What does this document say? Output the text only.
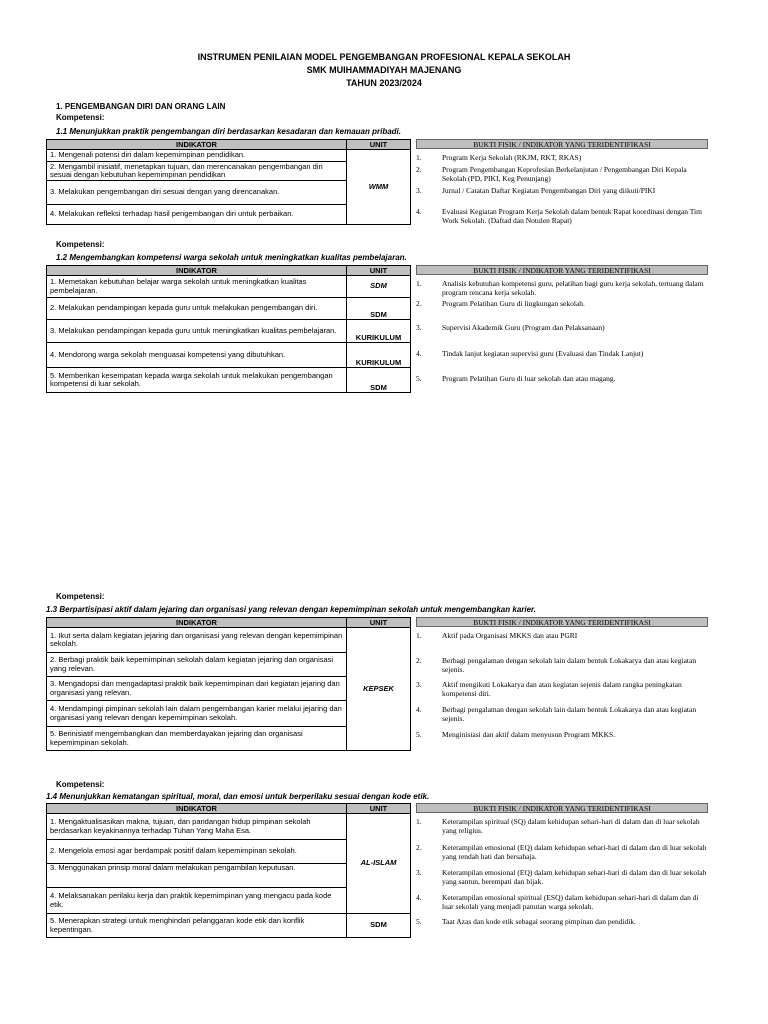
INSTRUMEN PENILAIAN MODEL PENGEMBANGAN PROFESIONAL KEPALA SEKOLAH
SMK MUIHAMMADIYAH MAJENANG
TAHUN 2023/2024
1. PENGEMBANGAN DIRI DAN ORANG LAIN
Kompetensi:
1.1 Menunjukkan praktik pengembangan diri berdasarkan kesadaran dan kemauan pribadi.
INDIKATOR	UNIT
1. Mengenali potensi diri dalam kepemimpinan pendidikan.	WMM
2. Mengambil inisiatif, menetapkan tujuan, dan merencanakan pengembangan diri sesuai dengan kebutuhan kepemimpinan pendidikan	
3. Melakukan pengembangan diri sesuai dengan yang direncanakan.	
4. Melakukan refleksi terhadap hasil pengembangan diri untuk perbaikan.	
BUKTI FISIK / INDIKATOR YANG TERIDENTIFIKASI
1.	Program Kerja Sekolah (RKJM, RKT, RKAS)
2.	Program Pengembangan Keprofesian Berkelanjutan / Pengembangan Diri Kepala Sekolah (PD, PIKI, Keg Penunjang)
3.	Jurnal / Catatan Daftar Kegiatan Pengembangan Diri yang diikuti/PIKI
4.	Evaluasi Kegiatan Program Kerja Sekolah dalam bentuk Rapat koordinasi dengan Tim Work Sekolah. (Daftad dan Notulen Rapat)
Kompetensi:
1.2 Mengembangkan kompetensi warga sekolah untuk meningkatkan kualitas pembelajaran.
INDIKATOR	UNIT
1. Memetakan kebutuhan belajar warga sekolah untuk meningkatkan kualitas pembelajaran.	SDM
2. Melakukan pendampingan kepada guru untuk melakukan pengembangan diri.	SDM
3. Melakukan pendampingan kepada guru untuk meningkatkan kualitas pembelajaran.	KURIKULUM
4. Mendorong warga sekolah menguasai kompetensi yang dibutuhkan.	KURIKULUM
5. Memberikan kesempatan kepada warga sekolah untuk melakukan pengembangan kompetensi di luar sekolah.	SDM
BUKTI FISIK / INDIKATOR YANG TERIDENTIFIKASI
1.	Analisis kebutuhan kompetensi guru, pelatihan bagi guru kerja sekolah, tertuang dalam program rencana kerja sekolah.
2.	Program Pelatihan Guru di lingkungan sekolah.
3.	Supervisi Akademik Guru (Program dan Pelaksanaan)
4.	Tindak lanjut kegiatan supervisi guru (Evaluasi dan Tindak Lanjut)
5.	Program Pelatihan Guru di luar sekolah dan atau magang.
Kompetensi:
1.3 Berpartisipasi aktif dalam jejaring dan organisasi yang relevan dengan kepemimpinan sekolah untuk mengembangkan karier.
INDIKATOR	UNIT
1. Ikut serta dalam kegiatan jejaring dan organisasi yang relevan dengan kepemimpinan sekolah.	KEPSEK
2. Berbagi praktik baik kepemimpinan sekolah dalam kegiatan jejaring dan organisasi yang relevan.	
3. Mengadopsi dan mengadaptasi praktik baik kepemimpinan dari kegiatan jejaring dan organisasi yang relevan.	
4. Mendampingi pimpinan sekolah lain dalam pengembangan karier melalui jejaring dan organisasi yang relevan dengan kepemimpinan sekolah.	
5. Berinisiatif mengembangkan dan memberdayakan jejaring dan organisasi kepemimpinan sekolah.	
BUKTI FISIK / INDIKATOR YANG TERIDENTIFIKASI
1.	Aktif pada Organisasi MKKS dan atau PGRI
2.	Berbagi pengalaman dengan sekolah lain dalam bentuk Lokakarya dan atau kegiatan sejenis.
3.	Aktif mengikuti Lokakarya dan atau kegiatan sejenis dalam rangka peningkatan kompetensi diri.
4.	Berbagi pengalaman dengan sekolah lain dalam bentuk Lokakarya dan atau kegiatan sejenis.
5.	Menginisiasi dan aktif dalam menyusun Program MKKS.
Kompetensi:
1.4 Menunjukkan kematangan spiritual, moral, dan emosi untuk berperilaku sesuai dengan kode etik.
INDIKATOR	UNIT
1. Mengaktualisasikan makna, tujuan, dan pandangan hidup pimpinan sekolah berdasarkan keyakinannya terhadap Tuhan Yang Maha Esa.	AL-ISLAM
2. Mengelola emosi agar berdampak positif dalam kepemimpinan sekolah.	
3. Menggunakan prinsip moral dalam melakukan pengambilan keputusan.	
4. Melaksanakan perilaku kerja dan praktik kepemimpinan yang mengacu pada kode etik.	
5. Menerapkan strategi untuk menghindari pelanggaran kode etik dan konflik kepentingan.	SDM
BUKTI FISIK / INDIKATOR YANG TERIDENTIFIKASI
1.	Keterampilan spiritual (SQ) dalam kehidupan sehari-hari di dalam dan di luar sekolah yang religius.
2.	Keterampilan emosional (EQ) dalam kehidupan sehari-hari di dalam dan di luar sekolah yang rendah hati dan bersahaja.
3.	Keterampilan emosional (EQ) dalam kehidupan sehari-hari di dalam dan di luar sekolah yang santun, berempati dan bijak.
4.	Keterampilan emosional spiritual (ESQ) dalam kehidupan sehari-hari di dalam dan di luar sekolah yang menjadi panutan warga sekolah.
5.	Taat Azas dan kode etik sebagai seorang pimpinan dan pendidik.
